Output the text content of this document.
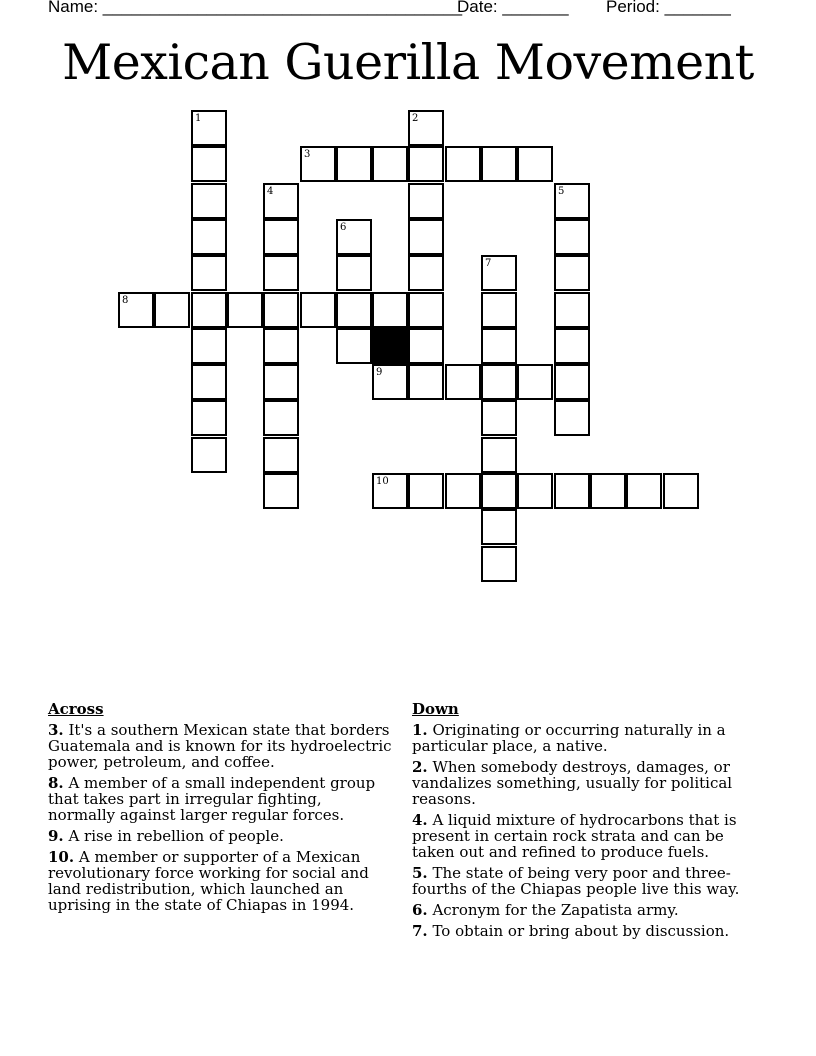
Name: ______________________________________
Date: _______ Period: _______
Mexican Guerilla Movement
1	2
3
4	5
6
7
8
9
10
Across
3. It's a southern Mexican state that borders Guatemala and is known for its hydroelectric power, petroleum, and coffee.
8. A member of a small independent group that takes part in irregular fighting, normally against larger regular forces.
9. A rise in rebellion of people.
10. A member or supporter of a Mexican revolutionary force working for social and land redistribution, which launched an uprising in the state of Chiapas in 1994.
Down
1. Originating or occurring naturally in a particular place, a native.
2. When somebody destroys, damages, or vandalizes something, usually for political reasons.
4. A liquid mixture of hydrocarbons that is present in certain rock strata and can be taken out and refined to produce fuels.
5. The state of being very poor and three-fourths of the Chiapas people live this way.
6. Acronym for the Zapatista army.
7. To obtain or bring about by discussion.
